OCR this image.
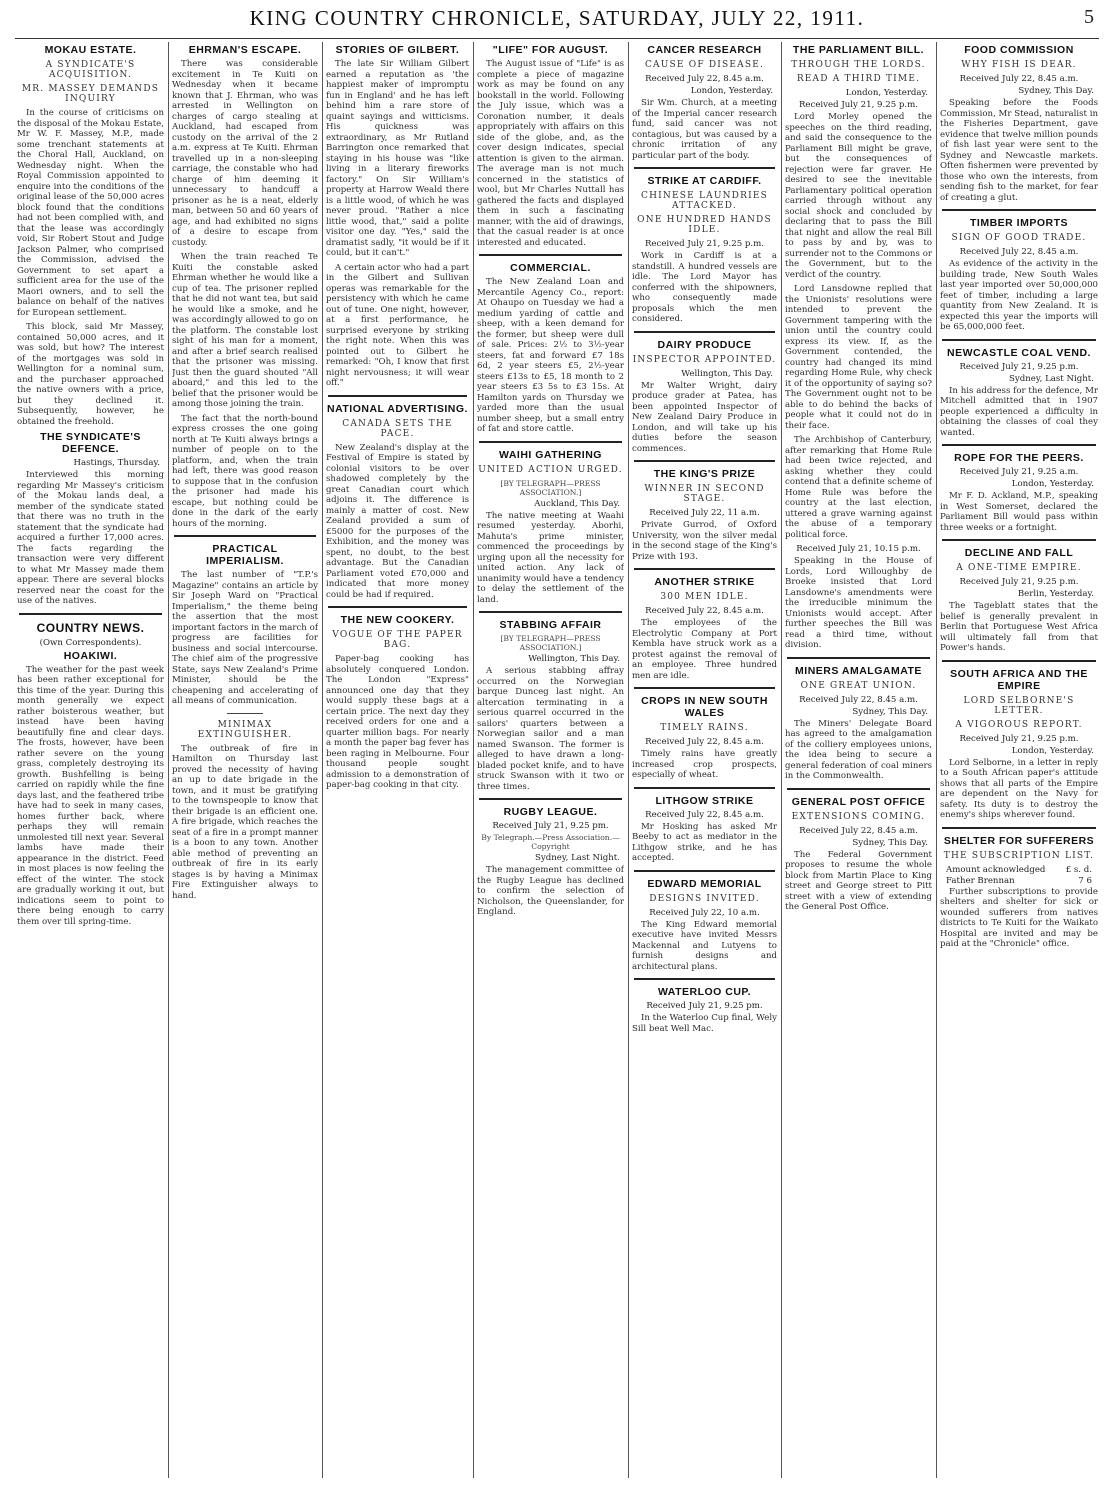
KING COUNTRY CHRONICLE, SATURDAY, JULY 22, 1911.	5
MOKAU ESTATE.
A SYNDICATE'S ACQUISITION.
MR. MASSEY DEMANDS INQUIRY

In the course of criticisms on the disposal of the Mokau Estate, Mr W. F. Massey, M.P., made some trenchant statements at the Choral Hall, Auckland, on Wednesday night. When the Royal Commission appointed to enquire into the conditions of the original lease of the 50,000 acres block found that the conditions had not been complied with, and that the lease was accordingly void, Sir Robert Stout and Judge Jackson Palmer, who comprised the Commission, advised the Government to set apart a sufficient area for the use of the Maori owners, and to sell the balance on behalf of the natives for European settlement.

This block, said Mr Massey, contained 50,000 acres, and it was sold, but how? The interest of the mortgages was sold in Wellington for a nominal sum, and the purchaser approached the native owners with a price, but they declined it. Subsequently, however, he obtained the freehold.

THE SYNDICATE'S DEFENCE.
Hastings, Thursday.

Interviewed this morning regarding Mr Massey's criticism of the Mokau lands deal, a member of the syndicate stated that there was no truth in the statement that the syndicate had acquired a further 17,000 acres. The facts regarding the transaction were very different to what Mr Massey made them appear. There are several blocks reserved near the coast for the use of the natives.

COUNTRY NEWS.
(Own Correspondents).
HOAKIWI.

The weather for the past week has been rather exceptional for this time of the year. During this month generally we expect rather boisterous weather, but instead have been having beautifully fine and clear days. The frosts, however, have been rather severe on the young grass, completely destroying its growth. Bushfelling is being carried on rapidly while the fine days last, and the feathered tribe have had to seek in many cases, homes further back, where perhaps they will remain unmolested till next year. Several lambs have made their appearance in the district. Feed in most places is now feeling the effect of the winter. The stock are gradually working it out, but indications seem to point to there being enough to carry them over till spring-time.

EHRMAN'S ESCAPE.

There was considerable excitement in Te Kuiti on Wednesday when it became known that J. Ehrman, who was arrested in Wellington on charges of cargo stealing at Auckland, had escaped from custody on the arrival of the 2 a.m. express at Te Kuiti. Ehrman travelled up in a non-sleeping carriage, the constable who had charge of him deeming it unnecessary to handcuff a prisoner as he is a neat, elderly man, between 50 and 60 years of age, and had exhibited no signs of a desire to escape from custody.

When the train reached Te Kuiti the constable asked Ehrman whether he would like a cup of tea. The prisoner replied that he did not want tea, but said he would like a smoke, and he was accordingly allowed to go on the platform. The constable lost sight of his man for a moment, and after a brief search realised that the prisoner was missing. Just then the guard shouted "All aboard," and this led to the belief that the prisoner would be among those joining the train.

The fact that the north-bound express crosses the one going north at Te Kuiti always brings a number of people on to the platform, and, when the train had left, there was good reason to suppose that in the confusion the prisoner had made his escape, but nothing could be done in the dark of the early hours of the morning.

PRACTICAL IMPERIALISM.

The last number of "T.P.'s Magazine" contains an article by Sir Joseph Ward on "Practical Imperialism," the theme being the assertion that the most important factors in the march of progress are facilities for business and social intercourse. The chief aim of the progressive State, says New Zealand's Prime Minister, should be the cheapening and accelerating of all means of communication.

MINIMAX EXTINGUISHER.

The outbreak of fire in Hamilton on Thursday last proved the necessity of having an up to date brigade in the town, and it must be gratifying to the townspeople to know that their brigade is an efficient one. A fire brigade, which reaches the seat of a fire in a prompt manner is a boon to any town. Another able method of preventing an outbreak of fire in its early stages is by having a Minimax Fire Extinguisher always to hand.

STORIES OF GILBERT.

The late Sir William Gilbert earned a reputation as 'the happiest maker of impromptu fun in England' and he has left behind him a rare store of quaint sayings and witticisms. His quickness was extraordinary, as Mr Rutland Barrington once remarked that staying in his house was "like living in a literary fireworks factory." On Sir William's property at Harrow Weald there is a little wood, of which he was never proud. "Rather a nice little wood, that," said a polite visitor one day. "Yes," said the dramatist sadly, "it would be if it could, but it can't."

A certain actor who had a part in the Gilbert and Sullivan operas was remarkable for the persistency with which he came out of tune. One night, however, at a first performance, he surprised everyone by striking the right note. When this was pointed out to Gilbert he remarked: "Oh, I know that first night nervousness; it will wear off."

NATIONAL ADVERTISING.
CANADA SETS THE PACE.

New Zealand's display at the Festival of Empire is stated by colonial visitors to be over shadowed completely by the great Canadian court which adjoins it. The difference is mainly a matter of cost. New Zealand provided a sum of £5000 for the purposes of the Exhibition, and the money was spent, no doubt, to the best advantage. But the Canadian Parliament voted £70,000 and indicated that more money could be had if required.

THE NEW COOKERY.
VOGUE OF THE PAPER BAG.

Paper-bag cooking has absolutely conquered London. The London "Express" announced one day that they would supply these bags at a certain price. The next day they received orders for one and a quarter million bags. For nearly a month the paper bag fever has been raging in Melbourne. Four thousand people sought admission to a demonstration of paper-bag cooking in that city.

"LIFE" FOR AUGUST.

The August issue of "Life" is as complete a piece of magazine work as may be found on any bookstall in the world. Following the July issue, which was a Coronation number, it deals appropriately with affairs on this side of the globe, and, as the cover design indicates, special attention is given to the airman. The average man is not much concerned in the statistics of wool, but Mr Charles Nuttall has gathered the facts and displayed them in such a fascinating manner, with the aid of drawings, that the casual reader is at once interested and educated.

COMMERCIAL.

The New Zealand Loan and Mercantile Agency Co., report: At Ohaupo on Tuesday we had a medium yarding of cattle and sheep, with a keen demand for the former, but sheep were dull of sale. Prices: 2½ to 3½-year steers, fat and forward £7 18s 6d, 2 year steers £5, 2½-year steers £13s to £5, 18 month to 2 year steers £3 5s to £3 15s. At Hamilton yards on Thursday we yarded more than the usual number sheep, but a small entry of fat and store cattle.

WAIHI GATHERING
UNITED ACTION URGED.
[BY TELEGRAPH—PRESS ASSOCIATION.]
Auckland, This Day.

The native meeting at Waahi resumed yesterday. Aborhi, Mahuta's prime minister, commenced the proceedings by urging upon all the necessity for united action. Any lack of unanimity would have a tendency to delay the settlement of the land.

STABBING AFFAIR
[BY TELEGRAPH—PRESS ASSOCIATION.]
Wellington, This Day.

A serious stabbing affray occurred on the Norwegian barque Dunceg last night. An altercation terminating in a serious quarrel occurred in the sailors' quarters between a Norwegian sailor and a man named Swanson. The former is alleged to have drawn a long-bladed pocket knife, and to have struck Swanson with it two or three times.

RUGBY LEAGUE.
Received July 21, 9.25 pm.
By Telegraph.—Press Association.—Copyright
Sydney, Last Night.

The management committee of the Rugby League has declined to confirm the selection of Nicholson, the Queenslander, for England.

CANCER RESEARCH
CAUSE OF DISEASE.
Received July 22, 8.45 a.m.
London, Yesterday.

Sir Wm. Church, at a meeting of the Imperial cancer research fund, said cancer was not contagious, but was caused by a chronic irritation of any particular part of the body.

STRIKE AT CARDIFF.
CHINESE LAUNDRIES ATTACKED.
ONE HUNDRED HANDS IDLE.
Received July 21, 9.25 p.m.

Work in Cardiff is at a standstill. A hundred vessels are idle. The Lord Mayor has conferred with the shipowners, who consequently made proposals which the men considered.

DAIRY PRODUCE
INSPECTOR APPOINTED.
Wellington, This Day.

Mr Walter Wright, dairy produce grader at Patea, has been appointed Inspector of New Zealand Dairy Produce in London, and will take up his duties before the season commences.

THE KING'S PRIZE
WINNER IN SECOND STAGE.
Received July 22, 11 a.m.

Private Gurrod, of Oxford University, won the silver medal in the second stage of the King's Prize with 193.

ANOTHER STRIKE
300 MEN IDLE.
Received July 22, 8.45 a.m.

The employees of the Electrolytic Company at Port Kembla have struck work as a protest against the removal of an employee. Three hundred men are idle.

CROPS IN NEW SOUTH WALES
TIMELY RAINS.
Received July 22, 8.45 a.m.

Timely rains have greatly increased crop prospects, especially of wheat.

LITHGOW STRIKE
Received July 22, 8.45 a.m.

Mr Hosking has asked Mr Beeby to act as mediator in the Lithgow strike, and he has accepted.

EDWARD MEMORIAL
DESIGNS INVITED.
Received July 22, 10 a.m.

The King Edward memorial executive have invited Messrs Mackennal and Lutyens to furnish designs and architectural plans.

WATERLOO CUP.
Received July 21, 9.25 pm.

In the Waterloo Cup final, Wely Sill beat Well Mac.

THE PARLIAMENT BILL.
THROUGH THE LORDS.
READ A THIRD TIME.
London, Yesterday.
Received July 21, 9.25 p.m.

Lord Morley opened the speeches on the third reading, and said the consequence to the Parliament Bill might be grave, but the consequences of rejection were far graver. He desired to see the inevitable Parliamentary political operation carried through without any social shock and concluded by declaring that to pass the Bill that night and allow the real Bill to pass by and by, was to surrender not to the Commons or the Government, but to the verdict of the country.

Lord Lansdowne replied that the Unionists' resolutions were intended to prevent the Government tampering with the union until the country could express its view. If, as the Government contended, the country had changed its mind regarding Home Rule, why check it of the opportunity of saying so? The Government ought not to be able to do behind the backs of people what it could not do in their face.

The Archbishop of Canterbury, after remarking that Home Rule had been twice rejected, and asking whether they could contend that a definite scheme of Home Rule was before the country at the last election, uttered a grave warning against the abuse of a temporary political force.

Received July 21, 10.15 p.m.

Speaking in the House of Lords, Lord Willoughby de Broeke insisted that Lord Lansdowne's amendments were the irreducible minimum the Unionists would accept. After further speeches the Bill was read a third time, without division.

MINERS AMALGAMATE
ONE GREAT UNION.
Received July 22, 8.45 a.m.
Sydney, This Day.

The Miners' Delegate Board has agreed to the amalgamation of the colliery employees unions, the idea being to secure a general federation of coal miners in the Commonwealth.

GENERAL POST OFFICE
EXTENSIONS COMING.
Received July 22, 8.45 a.m.
Sydney, This Day.

The Federal Government proposes to resume the whole block from Martin Place to King street and George street to Pitt street with a view of extending the General Post Office.

FOOD COMMISSION
WHY FISH IS DEAR.
Received July 22, 8.45 a.m.
Sydney, This Day.

Speaking before the Foods Commission, Mr Stead, naturalist in the Fisheries Department, gave evidence that twelve million pounds of fish last year were sent to the Sydney and Newcastle markets. Often fishermen were prevented by those who own the interests, from sending fish to the market, for fear of creating a glut.

TIMBER IMPORTS
SIGN OF GOOD TRADE.
Received July 22, 8.45 a.m.

As evidence of the activity in the building trade, New South Wales last year imported over 50,000,000 feet of timber, including a large quantity from New Zealand. It is expected this year the imports will be 65,000,000 feet.

NEWCASTLE COAL VEND.
Received July 21, 9.25 p.m.
Sydney, Last Night.

In his address for the defence, Mr Mitchell admitted that in 1907 people experienced a difficulty in obtaining the classes of coal they wanted.

ROPE FOR THE PEERS.
Received July 21, 9.25 a.m.
London, Yesterday.

Mr F. D. Ackland, M.P., speaking in West Somerset, declared the Parliament Bill would pass within three weeks or a fortnight.

DECLINE AND FALL
A ONE-TIME EMPIRE.
Received July 21, 9.25 p.m.
Berlin, Yesterday.

The Tageblatt states that the belief is generally prevalent in Berlin that Portuguese West Africa will ultimately fall from that Power's hands.

SOUTH AFRICA AND THE EMPIRE
LORD SELBORNE'S LETTER.
A VIGOROUS REPORT.
Received July 21, 9.25 p.m.
London, Yesterday.

Lord Selborne, in a letter in reply to a South African paper's attitude shows that all parts of the Empire are dependent on the Navy for safety. Its duty is to destroy the enemy's ships wherever found.

SHELTER FOR SUFFERERS
THE SUBSCRIPTION LIST.
Amount acknowledged £ s. d.
Father Brennan	7 6

Further subscriptions to provide shelters and shelter for sick or wounded sufferers from natives districts to Te Kuiti for the Waikato Hospital are invited and may be paid at the "Chronicle" office.
